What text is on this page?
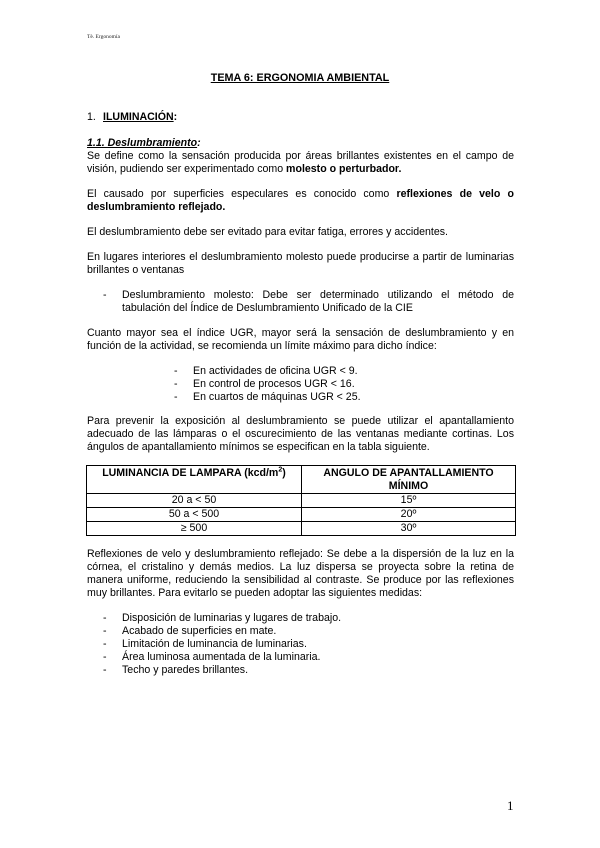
Tè. Ergonomía
TEMA 6: ERGONOMIA AMBIENTAL
1. ILUMINACIÓN:
1.1. Deslumbramiento:
Se define como la sensación producida por áreas brillantes existentes en el campo de visión, pudiendo ser experimentado como molesto o perturbador.
El causado por superficies especulares es conocido como reflexiones de velo o deslumbramiento reflejado.
El deslumbramiento debe ser evitado para evitar fatiga, errores y accidentes.
En lugares interiores el deslumbramiento molesto puede producirse a partir de luminarias brillantes o ventanas
- Deslumbramiento molesto: Debe ser determinado utilizando el método de tabulación del Índice de Deslumbramiento Unificado de la CIE
Cuanto mayor sea el índice UGR, mayor será la sensación de deslumbramiento y en función de la actividad, se recomienda un límite máximo para dicho índice:
- En actividades de oficina UGR < 9.
- En control de procesos UGR < 16.
- En cuartos de máquinas UGR < 25.
Para prevenir la exposición al deslumbramiento se puede utilizar el apantallamiento adecuado de las lámparas o el oscurecimiento de las ventanas mediante cortinas. Los ángulos de apantallamiento mínimos se especifican en la tabla siguiente.
LUMINANCIA DE LAMPARA $(kcd/m^2)$	ANGULO DE APANTALLAMIENTO MÍNIMO
20 a < 50	15º
50 a < 500	20º
≥ 500	30º
Reflexiones de velo y deslumbramiento reflejado: Se debe a la dispersión de la luz en la córnea, el cristalino y demás medios. La luz dispersa se proyecta sobre la retina de manera uniforme, reduciendo la sensibilidad al contraste. Se produce por las reflexiones muy brillantes. Para evitarlo se pueden adoptar las siguientes medidas:
- Disposición de luminarias y lugares de trabajo.
- Acabado de superficies en mate.
- Limitación de luminancia de luminarias.
- Área luminosa aumentada de la luminaria.
- Techo y paredes brillantes.
1
